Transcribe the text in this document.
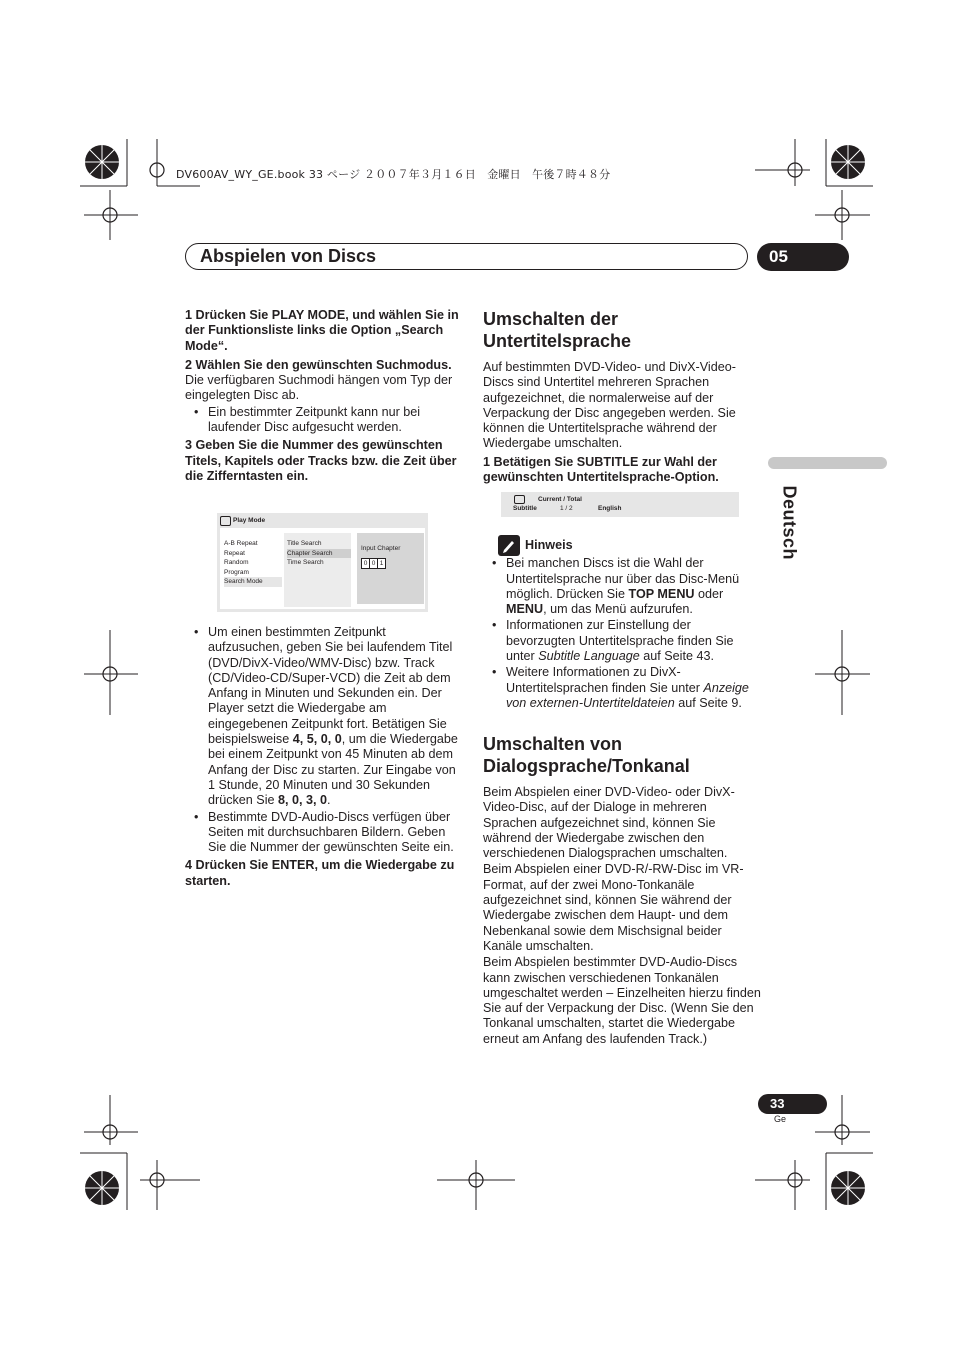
DV600AV_WY_GE.book 33 ページ ２００７年３月１６日　金曜日　午後７時４８分
Abspielen von Discs	05
Deutsch

1 Drücken Sie PLAY MODE, und wählen Sie in der Funktionsliste links die Option „Search Mode“.

2 Wählen Sie den gewünschten Suchmodus.

Die verfügbaren Suchmodi hängen vom Typ der eingelegten Disc ab.

• Ein bestimmter Zeitpunkt kann nur bei laufender Disc aufgesucht werden.

3 Geben Sie die Nummer des gewünschten Titels, Kapitels oder Tracks bzw. die Zeit über die Zifferntasten ein.

Play Mode
A-B Repeat
Repeat
Random
Program
Search Mode
Title Search
Chapter Search
Time Search
Input Chapter
0 0 1

• Um einen bestimmten Zeitpunkt aufzusuchen, geben Sie bei laufendem Titel (DVD/DivX-Video/WMV-Disc) bzw. Track (CD/Video-CD/Super-VCD) die Zeit ab dem Anfang in Minuten und Sekunden ein. Der Player setzt die Wiedergabe am eingegebenen Zeitpunkt fort. Betätigen Sie beispielsweise 4, 5, 0, 0, um die Wiedergabe bei einem Zeitpunkt von 45 Minuten ab dem Anfang der Disc zu starten. Zur Eingabe von 1 Stunde, 20 Minuten und 30 Sekunden drücken Sie 8, 0, 3, 0.

• Bestimmte DVD-Audio-Discs verfügen über Seiten mit durchsuchbaren Bildern. Geben Sie die Nummer der gewünschten Seite ein.

4 Drücken Sie ENTER, um die Wiedergabe zu starten.

Umschalten der Untertitelsprache

Auf bestimmten DVD-Video- und DivX-Video-Discs sind Untertitel mehreren Sprachen aufgezeichnet, die normalerweise auf der Verpackung der Disc angegeben werden. Sie können die Untertitelsprache während der Wiedergabe umschalten.

1 Betätigen Sie SUBTITLE zur Wahl der gewünschten Untertitelsprache-Option.

Current / Total
Subtitle	1 / 2	English

Hinweis

• Bei manchen Discs ist die Wahl der Untertitelsprache nur über das Disc-Menü möglich. Drücken Sie TOP MENU oder MENU, um das Menü aufzurufen.

• Informationen zur Einstellung der bevorzugten Untertitelsprache finden Sie unter Subtitle Language auf Seite 43.

• Weitere Informationen zu DivX-Untertitelsprachen finden Sie unter Anzeige von externen-Untertiteldateien auf Seite 9.

Umschalten von Dialogsprache/Tonkanal

Beim Abspielen einer DVD-Video- oder DivX-Video-Disc, auf der Dialoge in mehreren Sprachen aufgezeichnet sind, können Sie während der Wiedergabe zwischen den verschiedenen Dialogsprachen umschalten.

Beim Abspielen einer DVD-R/-RW-Disc im VR-Format, auf der zwei Mono-Tonkanäle aufgezeichnet sind, können Sie während der Wiedergabe zwischen dem Haupt- und dem Nebenkanal sowie dem Mischsignal beider Kanäle umschalten.

Beim Abspielen bestimmter DVD-Audio-Discs kann zwischen verschiedenen Tonkanälen umgeschaltet werden – Einzelheiten hierzu finden Sie auf der Verpackung der Disc. (Wenn Sie den Tonkanal umschalten, startet die Wiedergabe erneut am Anfang des laufenden Track.)

33
Ge
